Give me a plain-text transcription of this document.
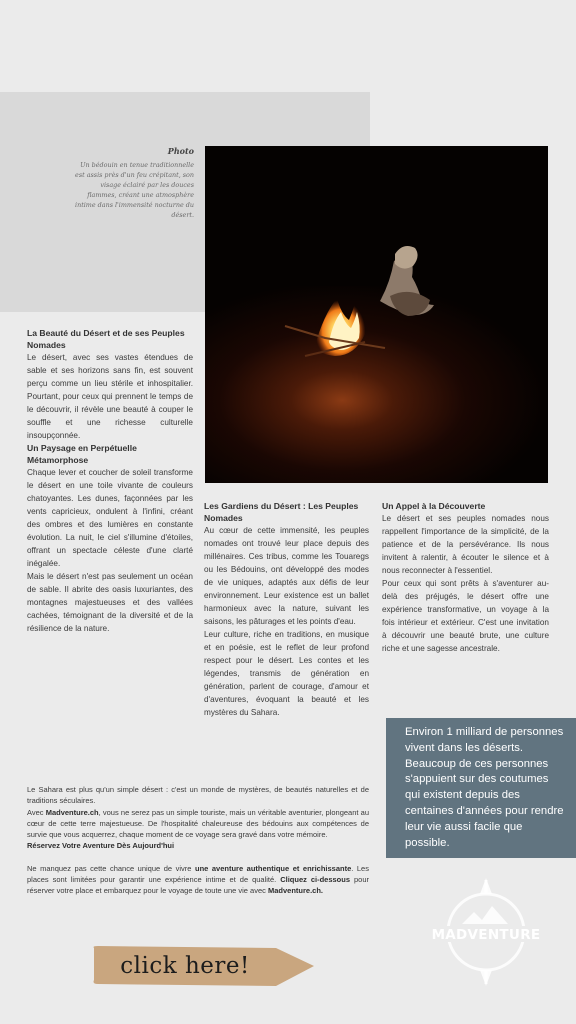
Photo
Un bédouin en tenue traditionnelle est assis près d'un feu crépitant, son visage éclairé par les douces flammes, créant une atmosphère intime dans l'immensité nocturne du désert.
La Beauté du Désert et de ses Peuples Nomades

Le désert, avec ses vastes étendues de sable et ses horizons sans fin, est souvent perçu comme un lieu stérile et inhospitalier. Pourtant, pour ceux qui prennent le temps de le découvrir, il révèle une beauté à couper le souffle et une richesse culturelle insoupçonnée.

Un Paysage en Perpétuelle Métamorphose

Chaque lever et coucher de soleil transforme le désert en une toile vivante de couleurs chatoyantes. Les dunes, façonnées par les vents capricieux, ondulent à l'infini, créant des ombres et des lumières en constante évolution. La nuit, le ciel s'illumine d'étoiles, offrant un spectacle céleste d'une clarté inégalée.

Mais le désert n'est pas seulement un océan de sable. Il abrite des oasis luxuriantes, des montagnes majestueuses et des vallées cachées, témoignant de la diversité et de la résilience de la nature.

Les Gardiens du Désert : Les Peuples Nomades

Au cœur de cette immensité, les peuples nomades ont trouvé leur place depuis des millénaires. Ces tribus, comme les Touaregs ou les Bédouins, ont développé des modes de vie uniques, adaptés aux défis de leur environnement. Leur existence est un ballet harmonieux avec la nature, suivant les saisons, les pâturages et les points d'eau.

Leur culture, riche en traditions, en musique et en poésie, est le reflet de leur profond respect pour le désert. Les contes et les légendes, transmis de génération en génération, parlent de courage, d'amour et d'aventures, évoquant la beauté et les mystères du Sahara.

Un Appel à la Découverte

Le désert et ses peuples nomades nous rappellent l'importance de la simplicité, de la patience et de la persévérance. Ils nous invitent à ralentir, à écouter le silence et à nous reconnecter à l'essentiel.

Pour ceux qui sont prêts à s'aventurer au-delà des préjugés, le désert offre une expérience transformative, un voyage à la fois intérieur et extérieur. C'est une invitation à découvrir une beauté brute, une culture riche et une sagesse ancestrale.

Environ 1 milliard de personnes vivent dans les déserts. Beaucoup de ces personnes s'appuient sur des coutumes qui existent depuis des centaines d'années pour rendre leur vie aussi facile que possible.

Le Sahara est plus qu'un simple désert : c'est un monde de mystères, de beautés naturelles et de traditions séculaires.

Avec Madventure.ch, vous ne serez pas un simple touriste, mais un véritable aventurier, plongeant au cœur de cette terre majestueuse. De l'hospitalité chaleureuse des bédouins aux compétences de survie que vous acquerrez, chaque moment de ce voyage sera gravé dans votre mémoire.

Réservez Votre Aventure Dès Aujourd'hui

Ne manquez pas cette chance unique de vivre une aventure authentique et enrichissante. Les places sont limitées pour garantir une expérience intime et de qualité. Cliquez ci-dessous pour réserver votre place et embarquez pour le voyage de toute une vie avec Madventure.ch.

MADVENTURE
click here!
